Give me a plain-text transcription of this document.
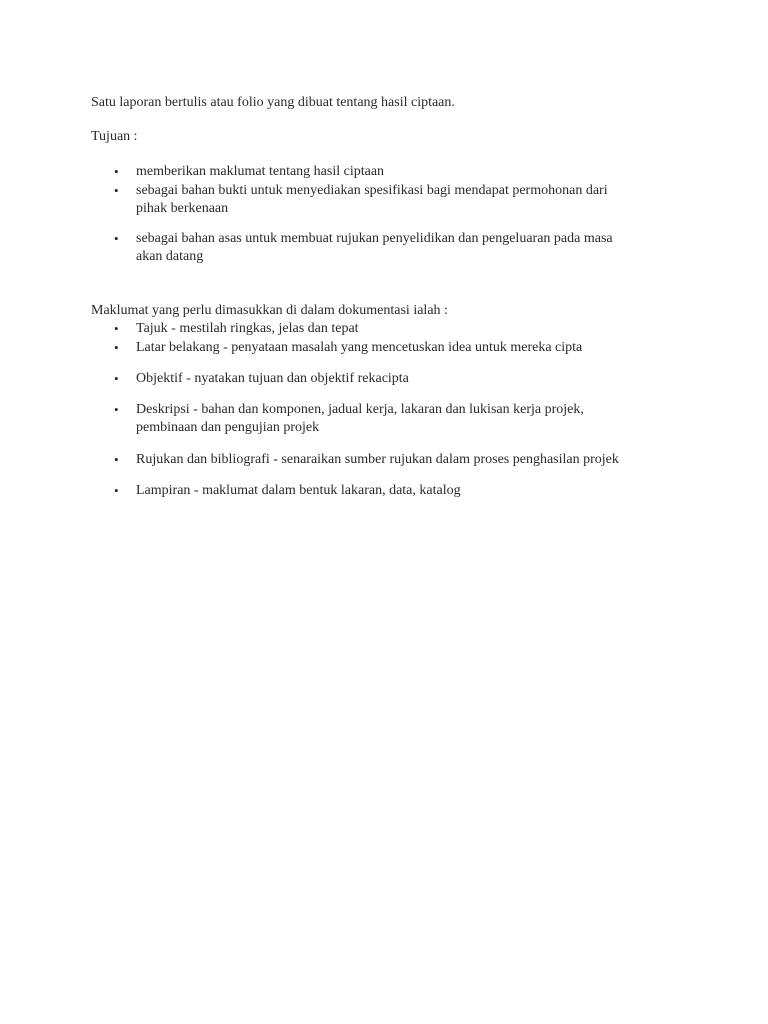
Satu laporan bertulis atau folio yang dibuat tentang hasil ciptaan.

Tujuan :

• memberikan maklumat tentang hasil ciptaan
• sebagai bahan bukti untuk menyediakan spesifikasi bagi mendapat permohonan dari
pihak berkenaan
• sebagai bahan asas untuk membuat rujukan penyelidikan dan pengeluaran pada masa
akan datang

Maklumat yang perlu dimasukkan di dalam dokumentasi ialah :

• Tajuk - mestilah ringkas, jelas dan tepat
• Latar belakang - penyataan masalah yang mencetuskan idea untuk mereka cipta
• Objektif - nyatakan tujuan dan objektif rekacipta
• Deskripsi - bahan dan komponen, jadual kerja, lakaran dan lukisan kerja projek,
pembinaan dan pengujian projek
• Rujukan dan bibliografi - senaraikan sumber rujukan dalam proses penghasilan projek
• Lampiran - maklumat dalam bentuk lakaran, data, katalog
